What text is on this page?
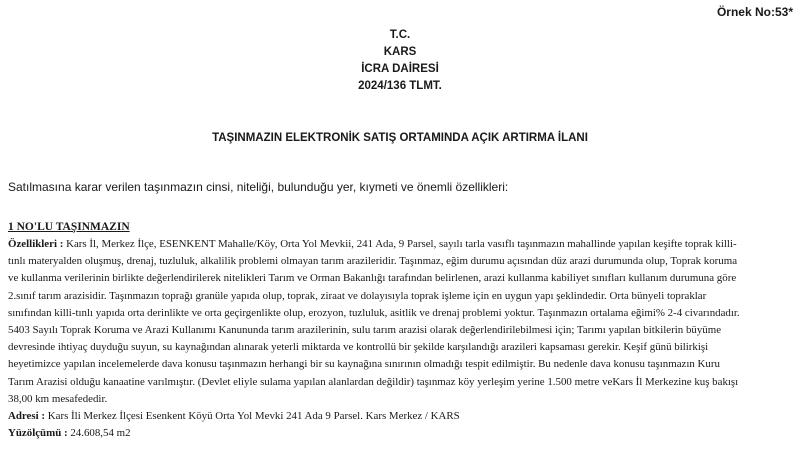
Örnek No:53*
T.C.
KARS
İCRA DAİRESİ
2024/136 TLMT.
TAŞINMAZIN ELEKTRONİK SATIŞ ORTAMINDA AÇIK ARTIRMA İLANI
Satılmasına karar verilen taşınmazın cinsi, niteliği, bulunduğu yer, kıymeti ve önemli özellikleri:
1 NO'LU TAŞINMAZIN
Özellikleri : Kars İl, Merkez İlçe, ESENKENT Mahalle/Köy, Orta Yol Mevkii, 241 Ada, 9 Parsel, sayılı tarla vasıflı taşınmazın mahallinde yapılan keşifte toprak killi-
tınlı materyalden oluşmuş, drenaj, tuzluluk, alkalilik problemi olmayan tarım arazileridir. Taşınmaz, eğim durumu açısından düz arazi durumunda olup, Toprak koruma
ve kullanma verilerinin birlikte değerlendirilerek nitelikleri Tarım ve Orman Bakanlığı tarafından belirlenen, arazi kullanma kabiliyet sınıfları kullanım durumuna göre
2.sınıf tarım arazisidir. Taşınmazın toprağı granüle yapıda olup, toprak, ziraat ve dolayısıyla toprak işleme için en uygun yapı şeklindedir. Orta bünyeli topraklar
sınıfından killi-tınlı yapıda orta derinlikte ve orta geçirgenlikte olup, erozyon, tuzluluk, asitlik ve drenaj problemi yoktur. Taşınmazın ortalama eğimi% 2-4 civarındadır.
5403 Sayılı Toprak Koruma ve Arazi Kullanımı Kanununda tarım arazilerinin, sulu tarım arazisi olarak değerlendirilebilmesi için; Tarımı yapılan bitkilerin büyüme
devresinde ihtiyaç duyduğu suyun, su kaynağından alınarak yeterli miktarda ve kontrollü bir şekilde karşılandığı arazileri kapsaması gerekir. Keşif günü bilirkişi
heyetimizce yapılan incelemelerde dava konusu taşınmazın herhangi bir su kaynağına sınırının olmadığı tespit edilmiştir. Bu nedenle dava konusu taşınmazın Kuru
Tarım Arazisi olduğu kanaatine varılmıştır. (Devlet eliyle sulama yapılan alanlardan değildir) taşınmaz köy yerleşim yerine 1.500 metre veKars İl Merkezine kuş bakışı
38,00 km mesafededir.
Adresi : Kars İli Merkez İlçesi Esenkent Köyü Orta Yol Mevki 241 Ada 9 Parsel. Kars Merkez / KARS
Yüzölçümü : 24.608,54 m2
